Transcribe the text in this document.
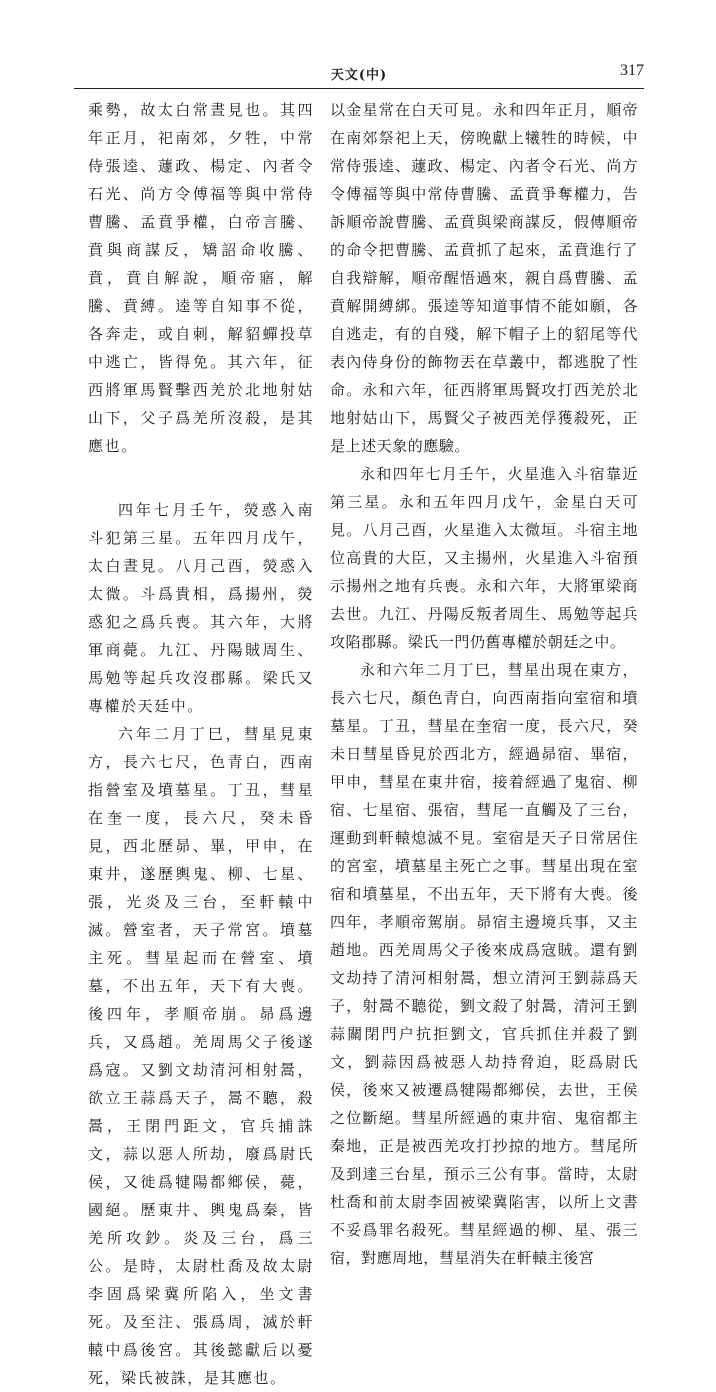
天文(中)	317

乘勢，故太白常晝見也。其四年正月，祀南郊，夕牲，中常侍張逵、蘧政、楊定、內者令石光、尚方令傅福等與中常侍曹騰、孟賁爭權，白帝言騰、賁與商謀反，矯詔命收騰、賁，賁自解說，順帝寤，解騰、賁縛。逵等自知事不從，各奔走，或自刺，解貂蟬投草中逃亡，皆得免。其六年，征西將軍馬賢擊西羌於北地射姑山下，父子爲羌所沒殺，是其應也。

四年七月壬午，熒惑入南斗犯第三星。五年四月戊午，太白晝見。八月己酉，熒惑入太微。斗爲貴相，爲揚州，熒惑犯之爲兵喪。其六年，大將軍商薨。九江、丹陽賊周生、馬勉等起兵攻沒郡縣。梁氏又專權於天廷中。

六年二月丁巳，彗星見東方，長六七尺，色青白，西南指營室及墳墓星。丁丑，彗星在奎一度，長六尺，癸未昏見，西北歷昴、畢，甲申，在東井，遂歷輿鬼、柳、七星、張，光炎及三台，至軒轅中滅。營室者，天子常宮。墳墓主死。彗星起而在營室、墳墓，不出五年，天下有大喪。後四年，孝順帝崩。昴爲邊兵，又爲趙。羌周馬父子後遂爲寇。又劉文劫清河相射暠，欲立王蒜爲天子，暠不聽，殺暠，王閉門距文，官兵捕誅文，蒜以惡人所劫，廢爲尉氏侯，又徙爲犍陽都鄉侯，薨，國絕。歷東井、輿鬼爲秦，皆羌所攻鈔。炎及三台，爲三公。是時，太尉杜喬及故太尉李固爲梁冀所陷入，坐文書死。及至注、張爲周，滅於軒轅中爲後宮。其後懿獻后以憂死，梁氏被誅，是其應也。

以金星常在白天可見。永和四年正月，順帝在南郊祭祀上天，傍晚獻上犧牲的時候，中常侍張逵、蘧政、楊定、內者令石光、尚方令傅福等與中常侍曹騰、孟賁爭奪權力，告訴順帝說曹騰、孟賁與梁商謀反，假傳順帝的命令把曹騰、孟賁抓了起來，孟賁進行了自我辯解，順帝醒悟過來，親自爲曹騰、孟賁解開縛綁。張逵等知道事情不能如願，各自逃走，有的自殘，解下帽子上的貂尾等代表內侍身份的飾物丟在草叢中，都逃脫了性命。永和六年，征西將軍馬賢攻打西羌於北地射姑山下，馬賢父子被西羌俘獲殺死，正是上述天象的應驗。

永和四年七月壬午，火星進入斗宿靠近第三星。永和五年四月戊午，金星白天可見。八月己酉，火星進入太微垣。斗宿主地位高貴的大臣，又主揚州，火星進入斗宿預示揚州之地有兵喪。永和六年，大將軍梁商去世。九江、丹陽反叛者周生、馬勉等起兵攻陷郡縣。梁氏一門仍舊專權於朝廷之中。

永和六年二月丁巳，彗星出現在東方，長六七尺，顏色青白，向西南指向室宿和墳墓星。丁丑，彗星在奎宿一度，長六尺，癸未日彗星昏見於西北方，經過昴宿、畢宿，甲申，彗星在東井宿，接着經過了鬼宿、柳宿、七星宿、張宿，彗尾一直觸及了三台，運動到軒轅熄滅不見。室宿是天子日常居住的宮室，墳墓星主死亡之事。彗星出現在室宿和墳墓星，不出五年，天下將有大喪。後四年，孝順帝駕崩。昴宿主邊境兵事，又主趙地。西羌周馬父子後來成爲寇賊。還有劉文劫持了清河相射暠，想立清河王劉蒜爲天子，射暠不聽從，劉文殺了射暠，清河王劉蒜關閉門户抗拒劉文，官兵抓住并殺了劉文，劉蒜因爲被惡人劫持脅迫，貶爲尉氏侯，後來又被遷爲犍陽都鄉侯，去世，王侯之位斷絕。彗星所經過的東井宿、鬼宿都主秦地，正是被西羌攻打抄掠的地方。彗尾所及到達三台星，預示三公有事。當時，太尉杜喬和前太尉李固被梁冀陷害，以所上文書不妥爲罪名殺死。彗星經過的柳、星、張三宿，對應周地，彗星消失在軒轅主後宮
